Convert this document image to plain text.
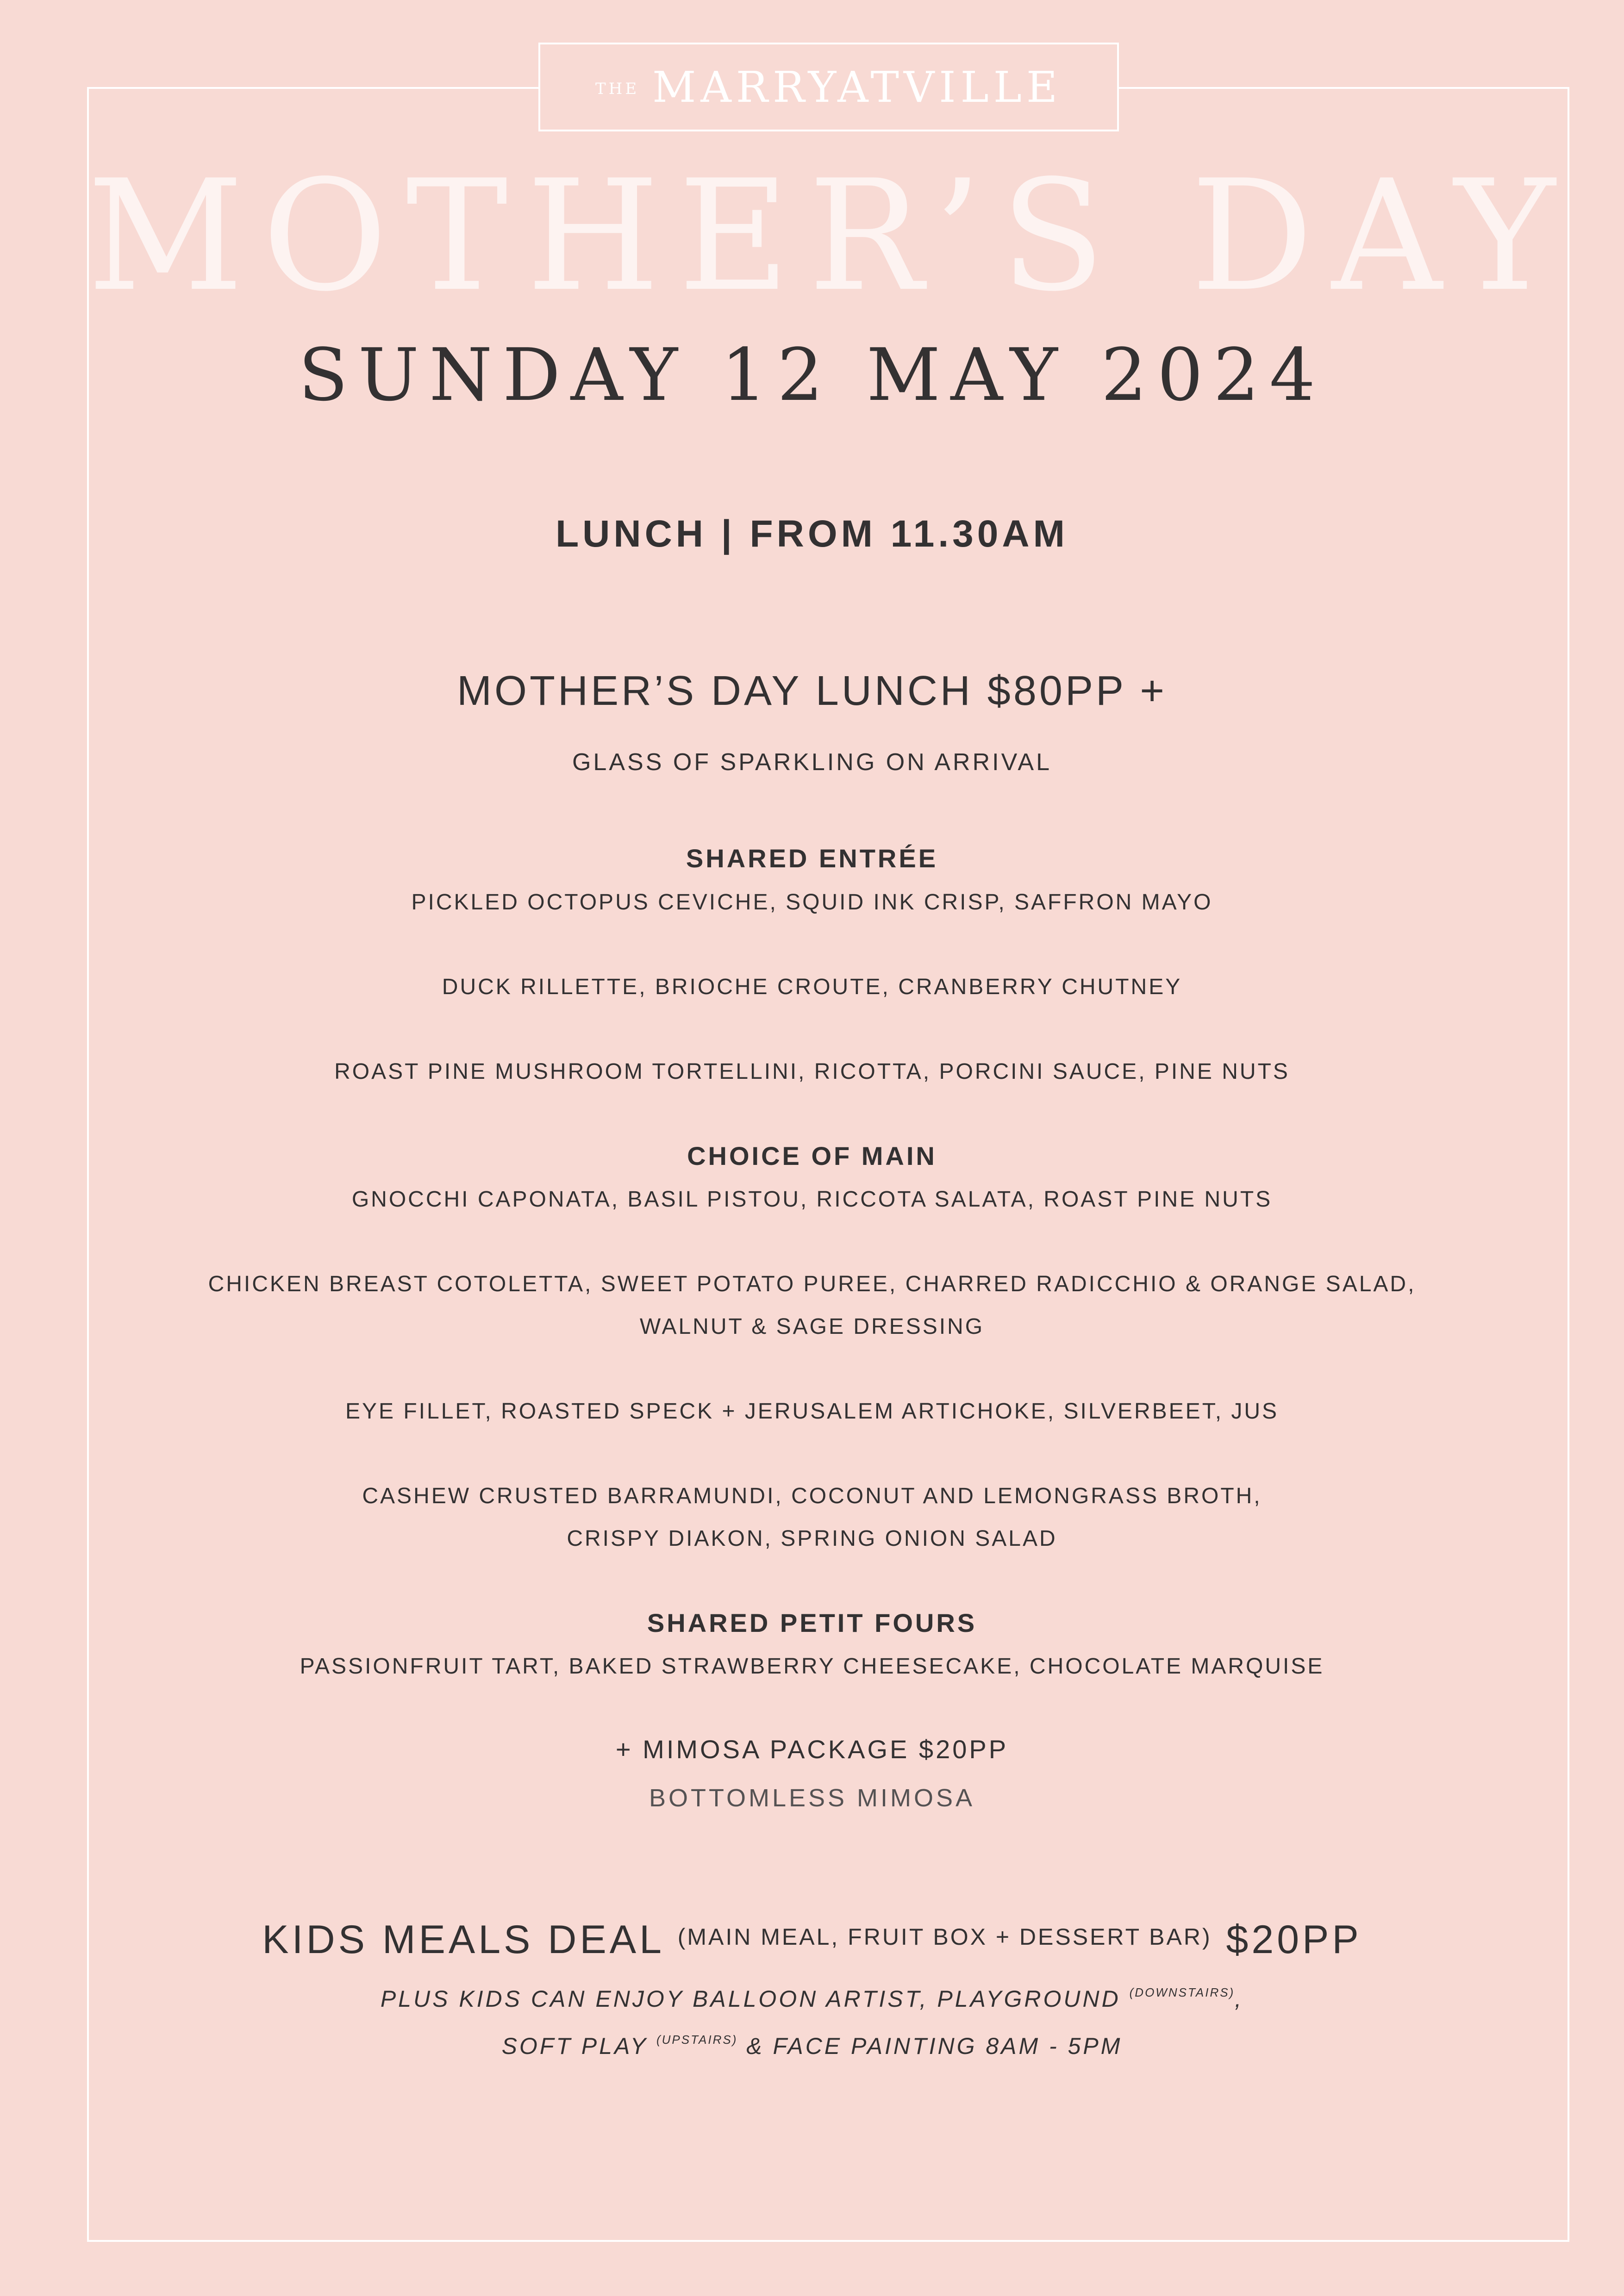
THE MARRYATVILLE
MOTHER’S DAY
SUNDAY 12 MAY 2024
LUNCH | FROM 11.30AM
MOTHER’S DAY LUNCH $80PP +
GLASS OF SPARKLING ON ARRIVAL
SHARED ENTRÉE
PICKLED OCTOPUS CEVICHE, SQUID INK CRISP, SAFFRON MAYO
DUCK RILLETTE, BRIOCHE CROUTE, CRANBERRY CHUTNEY
ROAST PINE MUSHROOM TORTELLINI, RICOTTA, PORCINI SAUCE, PINE NUTS
CHOICE OF MAIN
GNOCCHI CAPONATA, BASIL PISTOU, RICCOTA SALATA, ROAST PINE NUTS
CHICKEN BREAST COTOLETTA, SWEET POTATO PUREE, CHARRED RADICCHIO & ORANGE SALAD,
WALNUT & SAGE DRESSING
EYE FILLET, ROASTED SPECK + JERUSALEM ARTICHOKE, SILVERBEET, JUS
CASHEW CRUSTED BARRAMUNDI, COCONUT AND LEMONGRASS BROTH,
CRISPY DIAKON, SPRING ONION SALAD
SHARED PETIT FOURS
PASSIONFRUIT TART, BAKED STRAWBERRY CHEESECAKE, CHOCOLATE MARQUISE
+ MIMOSA PACKAGE $20PP
BOTTOMLESS MIMOSA
KIDS MEALS DEAL $^{(MAIN MEAL, FRUIT BOX + DESSERT BAR)}$ $20PP
PLUS KIDS CAN ENJOY BALLOON ARTIST, PLAYGROUND $^{(DOWNSTAIRS)}$,
SOFT PLAY $^{(UPSTAIRS)}$ & FACE PAINTING 8AM - 5PM
